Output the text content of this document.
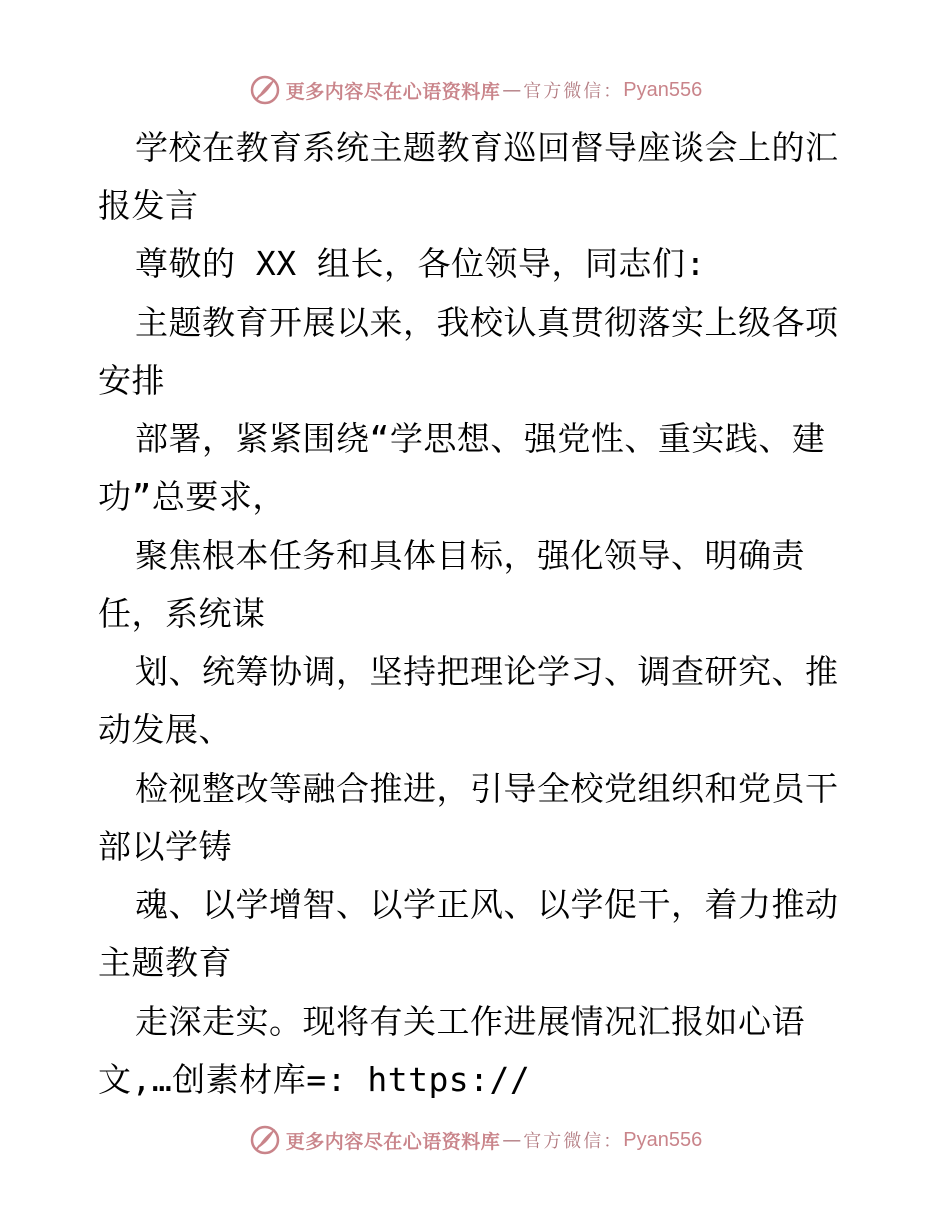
更多内容尽在心语资料库 — 官方微信： Pyan556
学校在教育系统主题教育巡回督导座谈会上的汇
报发言
尊敬的 XX 组长，各位领导，同志们:
主题教育开展以来，我校认真贯彻落实上级各项
安排
部署，紧紧围绕“学思想、强党性、重实践、建
功”总要求，
聚焦根本任务和具体目标，强化领导、明确责
任，系统谋
划、统筹协调，坚持把理论学习、调查研究、推
动发展、
检视整改等融合推进，引导全校党组织和党员干
部以学铸
魂、以学增智、以学正风、以学促干，着力推动
主题教育
走深走实。现将有关工作进展情况汇报如心语
文,…创素材库=: https://
更多内容尽在心语资料库 — 官方微信： Pyan556
